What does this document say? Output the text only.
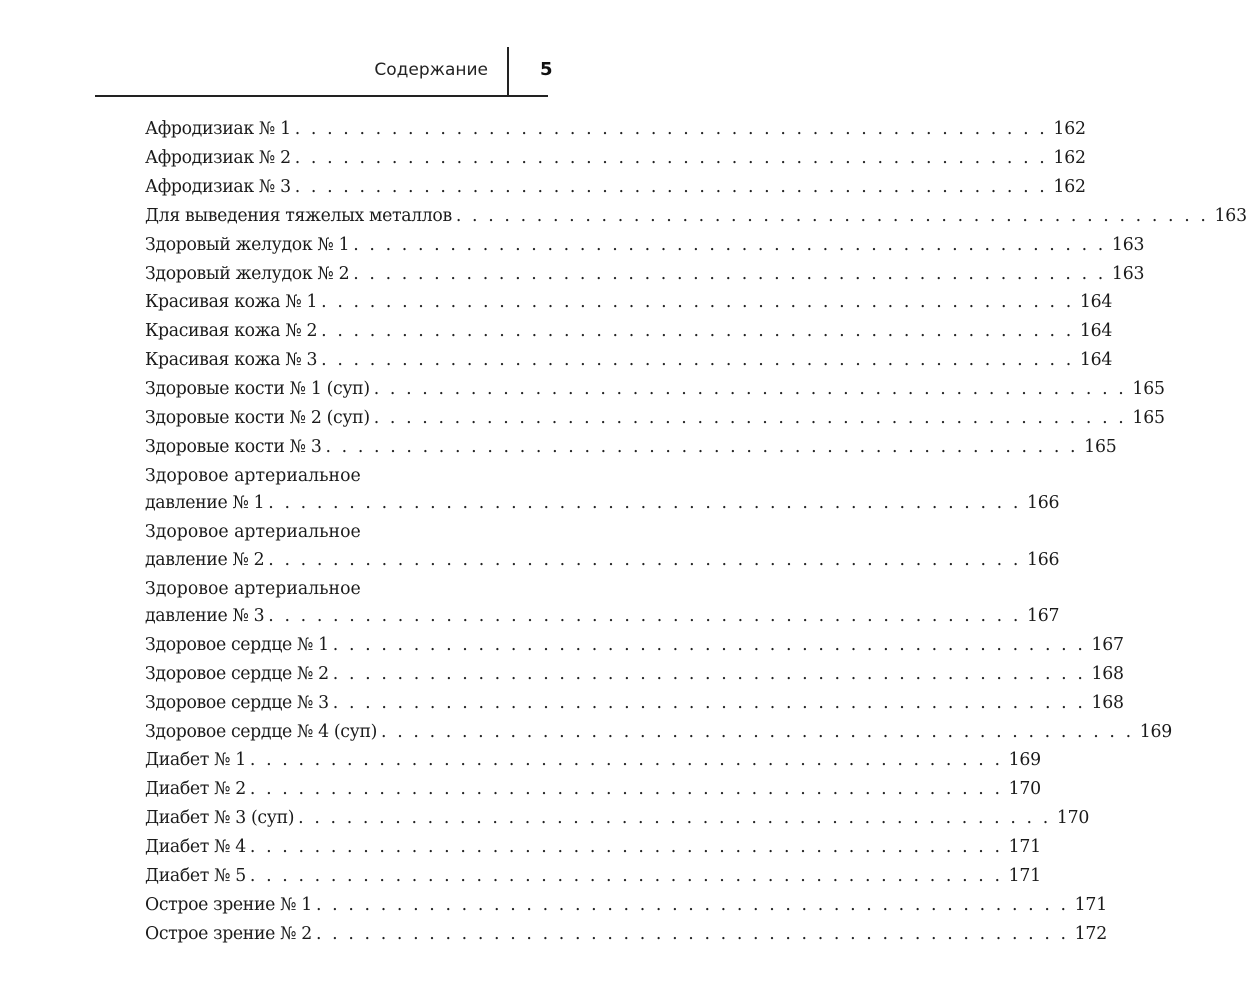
Содержание	5
Афродизиак № 1 . . . . . . . . . . . . . . . . . . . . . . . . . . . . . . . . . . . . . . . . . . . . . . . 162
Афродизиак № 2 . . . . . . . . . . . . . . . . . . . . . . . . . . . . . . . . . . . . . . . . . . . . . . . 162
Афродизиак № 3 . . . . . . . . . . . . . . . . . . . . . . . . . . . . . . . . . . . . . . . . . . . . . . . 162
Для выведения тяжелых металлов . . . . . . . . . . . . . . . . . . . . . . . . . . . . . . . . . . . . . . . . . . . . . . . 163
Здоровый желудок № 1 . . . . . . . . . . . . . . . . . . . . . . . . . . . . . . . . . . . . . . . . . . . . . . . 163
Здоровый желудок № 2 . . . . . . . . . . . . . . . . . . . . . . . . . . . . . . . . . . . . . . . . . . . . . . . 163
Красивая кожа № 1 . . . . . . . . . . . . . . . . . . . . . . . . . . . . . . . . . . . . . . . . . . . . . . . 164
Красивая кожа № 2 . . . . . . . . . . . . . . . . . . . . . . . . . . . . . . . . . . . . . . . . . . . . . . . 164
Красивая кожа № 3 . . . . . . . . . . . . . . . . . . . . . . . . . . . . . . . . . . . . . . . . . . . . . . . 164
Здоровые кости № 1 (суп) . . . . . . . . . . . . . . . . . . . . . . . . . . . . . . . . . . . . . . . . . . . . . . . 165
Здоровые кости № 2 (суп) . . . . . . . . . . . . . . . . . . . . . . . . . . . . . . . . . . . . . . . . . . . . . . . 165
Здоровые кости № 3 . . . . . . . . . . . . . . . . . . . . . . . . . . . . . . . . . . . . . . . . . . . . . . . 165
Здоровое артериальное
давление № 1 . . . . . . . . . . . . . . . . . . . . . . . . . . . . . . . . . . . . . . . . . . . . . . . 166
Здоровое артериальное
давление № 2 . . . . . . . . . . . . . . . . . . . . . . . . . . . . . . . . . . . . . . . . . . . . . . . 166
Здоровое артериальное
давление № 3 . . . . . . . . . . . . . . . . . . . . . . . . . . . . . . . . . . . . . . . . . . . . . . . 167
Здоровое сердце № 1 . . . . . . . . . . . . . . . . . . . . . . . . . . . . . . . . . . . . . . . . . . . . . . . 167
Здоровое сердце № 2 . . . . . . . . . . . . . . . . . . . . . . . . . . . . . . . . . . . . . . . . . . . . . . . 168
Здоровое сердце № 3 . . . . . . . . . . . . . . . . . . . . . . . . . . . . . . . . . . . . . . . . . . . . . . . 168
Здоровое сердце № 4 (суп) . . . . . . . . . . . . . . . . . . . . . . . . . . . . . . . . . . . . . . . . . . . . . . . 169
Диабет № 1 . . . . . . . . . . . . . . . . . . . . . . . . . . . . . . . . . . . . . . . . . . . . . . . 169
Диабет № 2 . . . . . . . . . . . . . . . . . . . . . . . . . . . . . . . . . . . . . . . . . . . . . . . 170
Диабет № 3 (суп) . . . . . . . . . . . . . . . . . . . . . . . . . . . . . . . . . . . . . . . . . . . . . . . 170
Диабет № 4 . . . . . . . . . . . . . . . . . . . . . . . . . . . . . . . . . . . . . . . . . . . . . . . 171
Диабет № 5 . . . . . . . . . . . . . . . . . . . . . . . . . . . . . . . . . . . . . . . . . . . . . . . 171
Острое зрение № 1 . . . . . . . . . . . . . . . . . . . . . . . . . . . . . . . . . . . . . . . . . . . . . . . 171
Острое зрение № 2 . . . . . . . . . . . . . . . . . . . . . . . . . . . . . . . . . . . . . . . . . . . . . . . 172
